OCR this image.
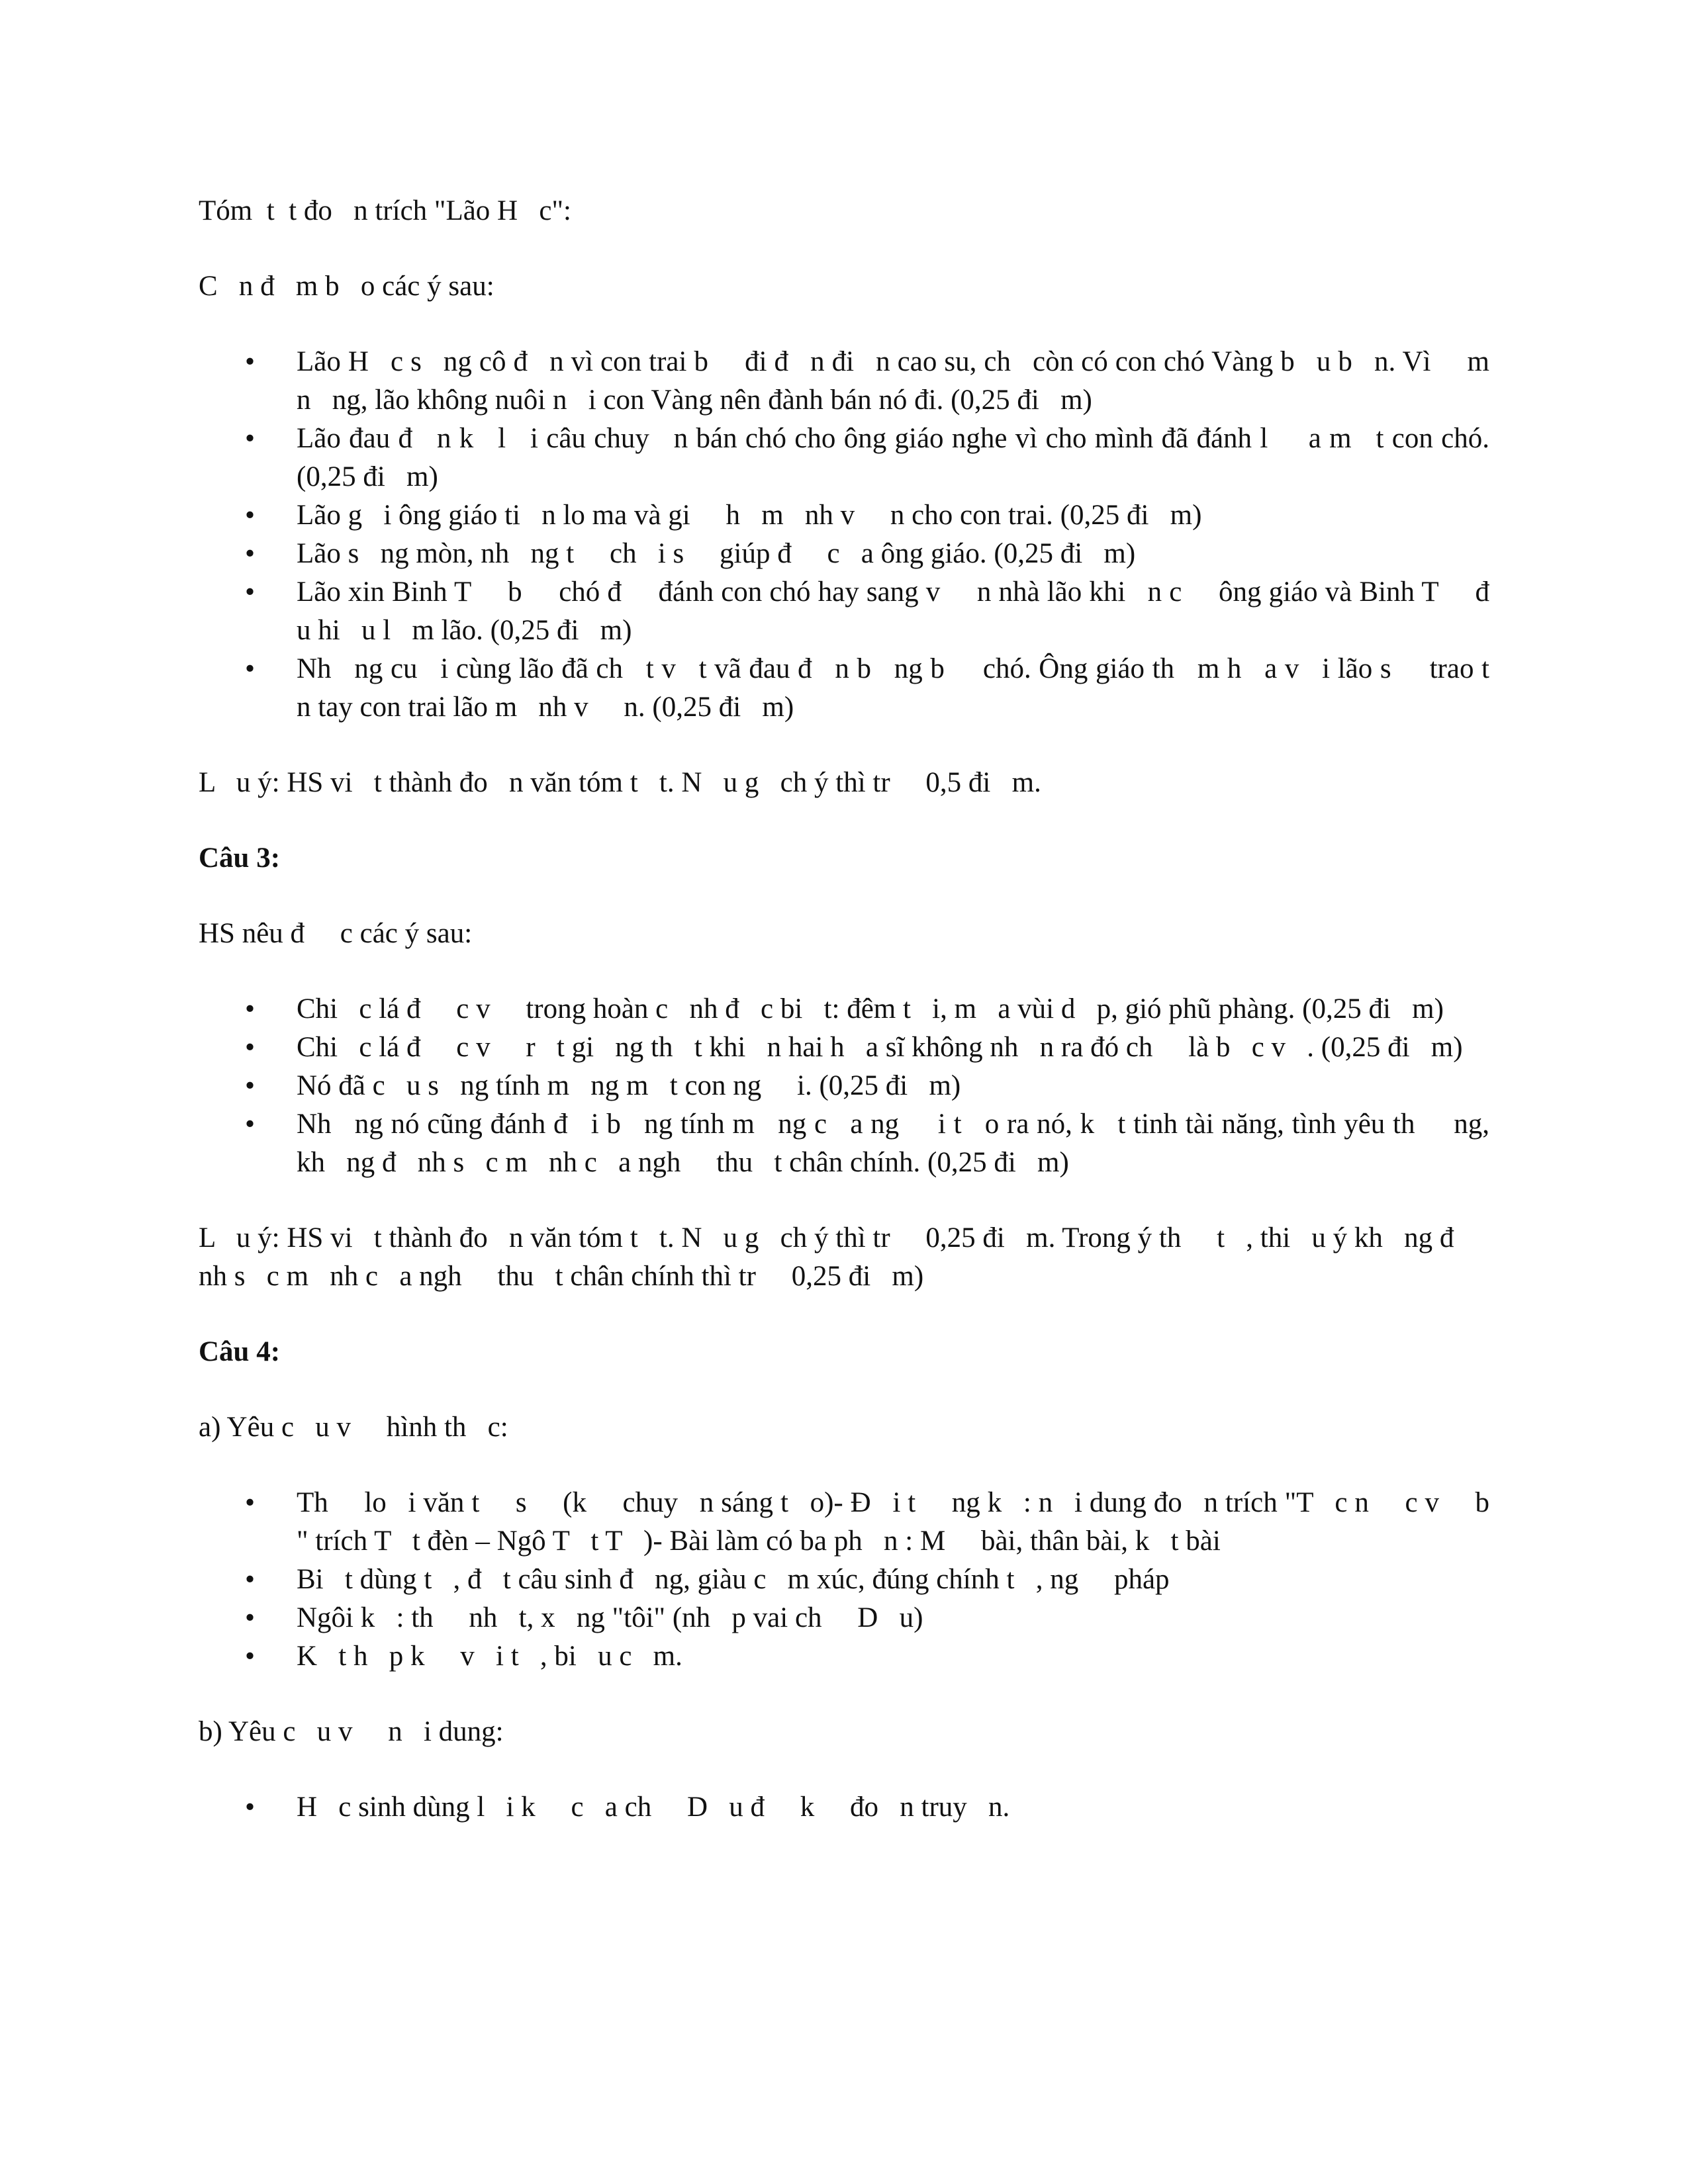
Tóm  t  t đo   n trích "Lão H   c":

C   n đ   m b   o các ý sau:

•	Lão H   c s   ng cô đ   n vì con trai b     đi đ   n đi   n cao su, ch   còn có con chó Vàng b   u b   n. Vì     m n   ng, lão không nuôi n   i con Vàng nên đành bán nó đi. (0,25 đi   m)
•	Lão đau đ   n k   l   i câu chuy   n bán chó cho ông giáo nghe vì cho mình đã đánh l     a m   t con chó. (0,25 đi   m)
•	Lão g   i ông giáo ti   n lo ma và gi     h   m   nh v     n cho con trai. (0,25 đi   m)
•	Lão s   ng mòn, nh   ng t     ch   i s     giúp đ     c   a ông giáo. (0,25 đi   m)
•	Lão xin Binh T     b     chó đ     đánh con chó hay sang v     n nhà lão khi   n c     ông giáo và Binh T     đ   u hi   u l   m lão. (0,25 đi   m)
•	Nh   ng cu   i cùng lão đã ch   t v   t vã đau đ   n b   ng b     chó. Ông giáo th   m h   a v   i lão s     trao t   n tay con trai lão m   nh v     n. (0,25 đi   m)

L   u ý: HS vi   t thành đo   n văn tóm t   t. N   u g   ch ý thì tr     0,5 đi   m.

Câu 3:

HS nêu đ     c các ý sau:

•	Chi   c lá đ     c v     trong hoàn c   nh đ   c bi   t: đêm t   i, m   a vùi d   p, gió phũ phàng. (0,25 đi   m)
•	Chi   c lá đ     c v     r   t gi   ng th   t khi   n hai h   a sĩ không nh   n ra đó ch     là b   c v   . (0,25 đi   m)
•	Nó đã c   u s   ng tính m   ng m   t con ng     i. (0,25 đi   m)
•	Nh   ng nó cũng đánh đ   i b   ng tính m   ng c   a ng     i t   o ra nó, k   t tinh tài năng, tình yêu th     ng, kh   ng đ   nh s   c m   nh c   a ngh     thu   t chân chính. (0,25 đi   m)

L   u ý: HS vi   t thành đo   n văn tóm t   t. N   u g   ch ý thì tr     0,25 đi   m. Trong ý th     t   , thi   u ý kh   ng đ   nh s   c m   nh c   a ngh     thu   t chân chính thì tr     0,25 đi   m)

Câu 4:

a) Yêu c   u v     hình th   c:

•	Th     lo   i văn t     s     (k     chuy   n sáng t   o)- Đ   i t     ng k   : n   i dung đo   n trích "T   c n     c v     b   " trích T   t đèn – Ngô T   t T   )- Bài làm có ba ph   n : M     bài, thân bài, k   t bài
•	Bi   t dùng t   , đ   t câu sinh đ   ng, giàu c   m xúc, đúng chính t   , ng     pháp
•	Ngôi k   : th     nh   t, x   ng "tôi" (nh   p vai ch     D   u)
•	K   t h   p k     v   i t   , bi   u c   m.

b) Yêu c   u v     n   i dung:

•	H   c sinh dùng l   i k     c   a ch     D   u đ     k     đo   n truy   n.
